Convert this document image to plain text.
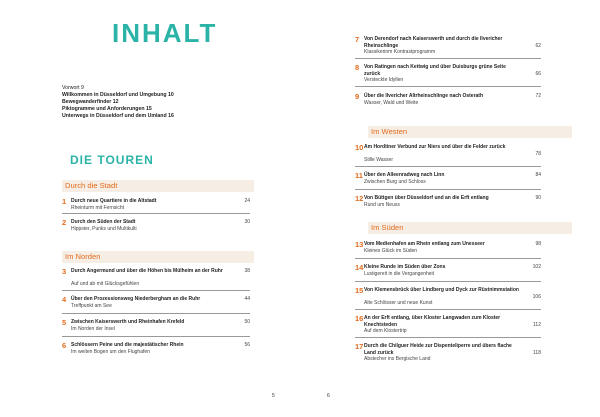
INHALT
Vorwort 9
Willkommen in Düsseldorf und Umgebung 10
Bewegwanderfinder 12
Piktogramme und Anforderungen 15
Unterwegs in Düsseldorf und dem Umland 16
DIE TOUREN
Durch die Stadt
1 Durch neue Quartiere in die Altstadt
Rheinturm mit Fernsicht
24
2 Durch den Süden der Stadt
Hippster, Punks und Multikulti
30
Im Norden
3 Durch Angermund und über die Höhen bis Mülheim an der Ruhr
Auf und ab mit Glücksgefühlen
38
4 Über den Prozessionsweg Niederbergham an die Ruhr
Treffpunkt am See
44
5 Zwischen Kaiserswerth und Rheinhafen Krefeld
Im Norden der Insel
50
6 Schlössern Peine und die majestätischer Rhein
Im weiten Bogen um den Flughafen
56
5
7 Von Derendorf nach Kaiserswerth und durch die Ilvericher Rheinschlinge
Klassikerinm Kontrastprogramm
62
8 Von Ratingen nach Kettwig und über Duisburgs grüne Seite zurück
Versteckte Idyllen
66
9 Über die Ilvericher Altrheinschlinge nach Osterath
Wasser, Wald und Weite
72
Im Westen
10 Am Hordtiner Verbund zur Niers und über die Felder zurück
Stille Wasser
78
11 Über den Alleenradweg nach Linn
Zwischen Burg und Schloss
84
12 Von Büttgen über Düsseldorf und an die Erft entlang
Rund um Neuss
90
Im Süden
13 Vom Medienhafen am Rhein entlang zum Unesseer
Kleines Glück im Süden
98
14 Kleine Runde im Süden über Zons
Lustigereit in die Vergangenheit
102
15 Von Klemensbrück über Lindberg und Dyck zur Rüstnimmstation
Alte Schlösser und neue Kunst
106
16 An der Erft entlang, über Kloster Langwaden zum Kloster Knechtsteden
Auf dem Klostertrip
112
17 Durch die Chilguer Heide zur Dispenteliperre und übers flache Land zurück
Abstecher ins Bergische Land
118
6
